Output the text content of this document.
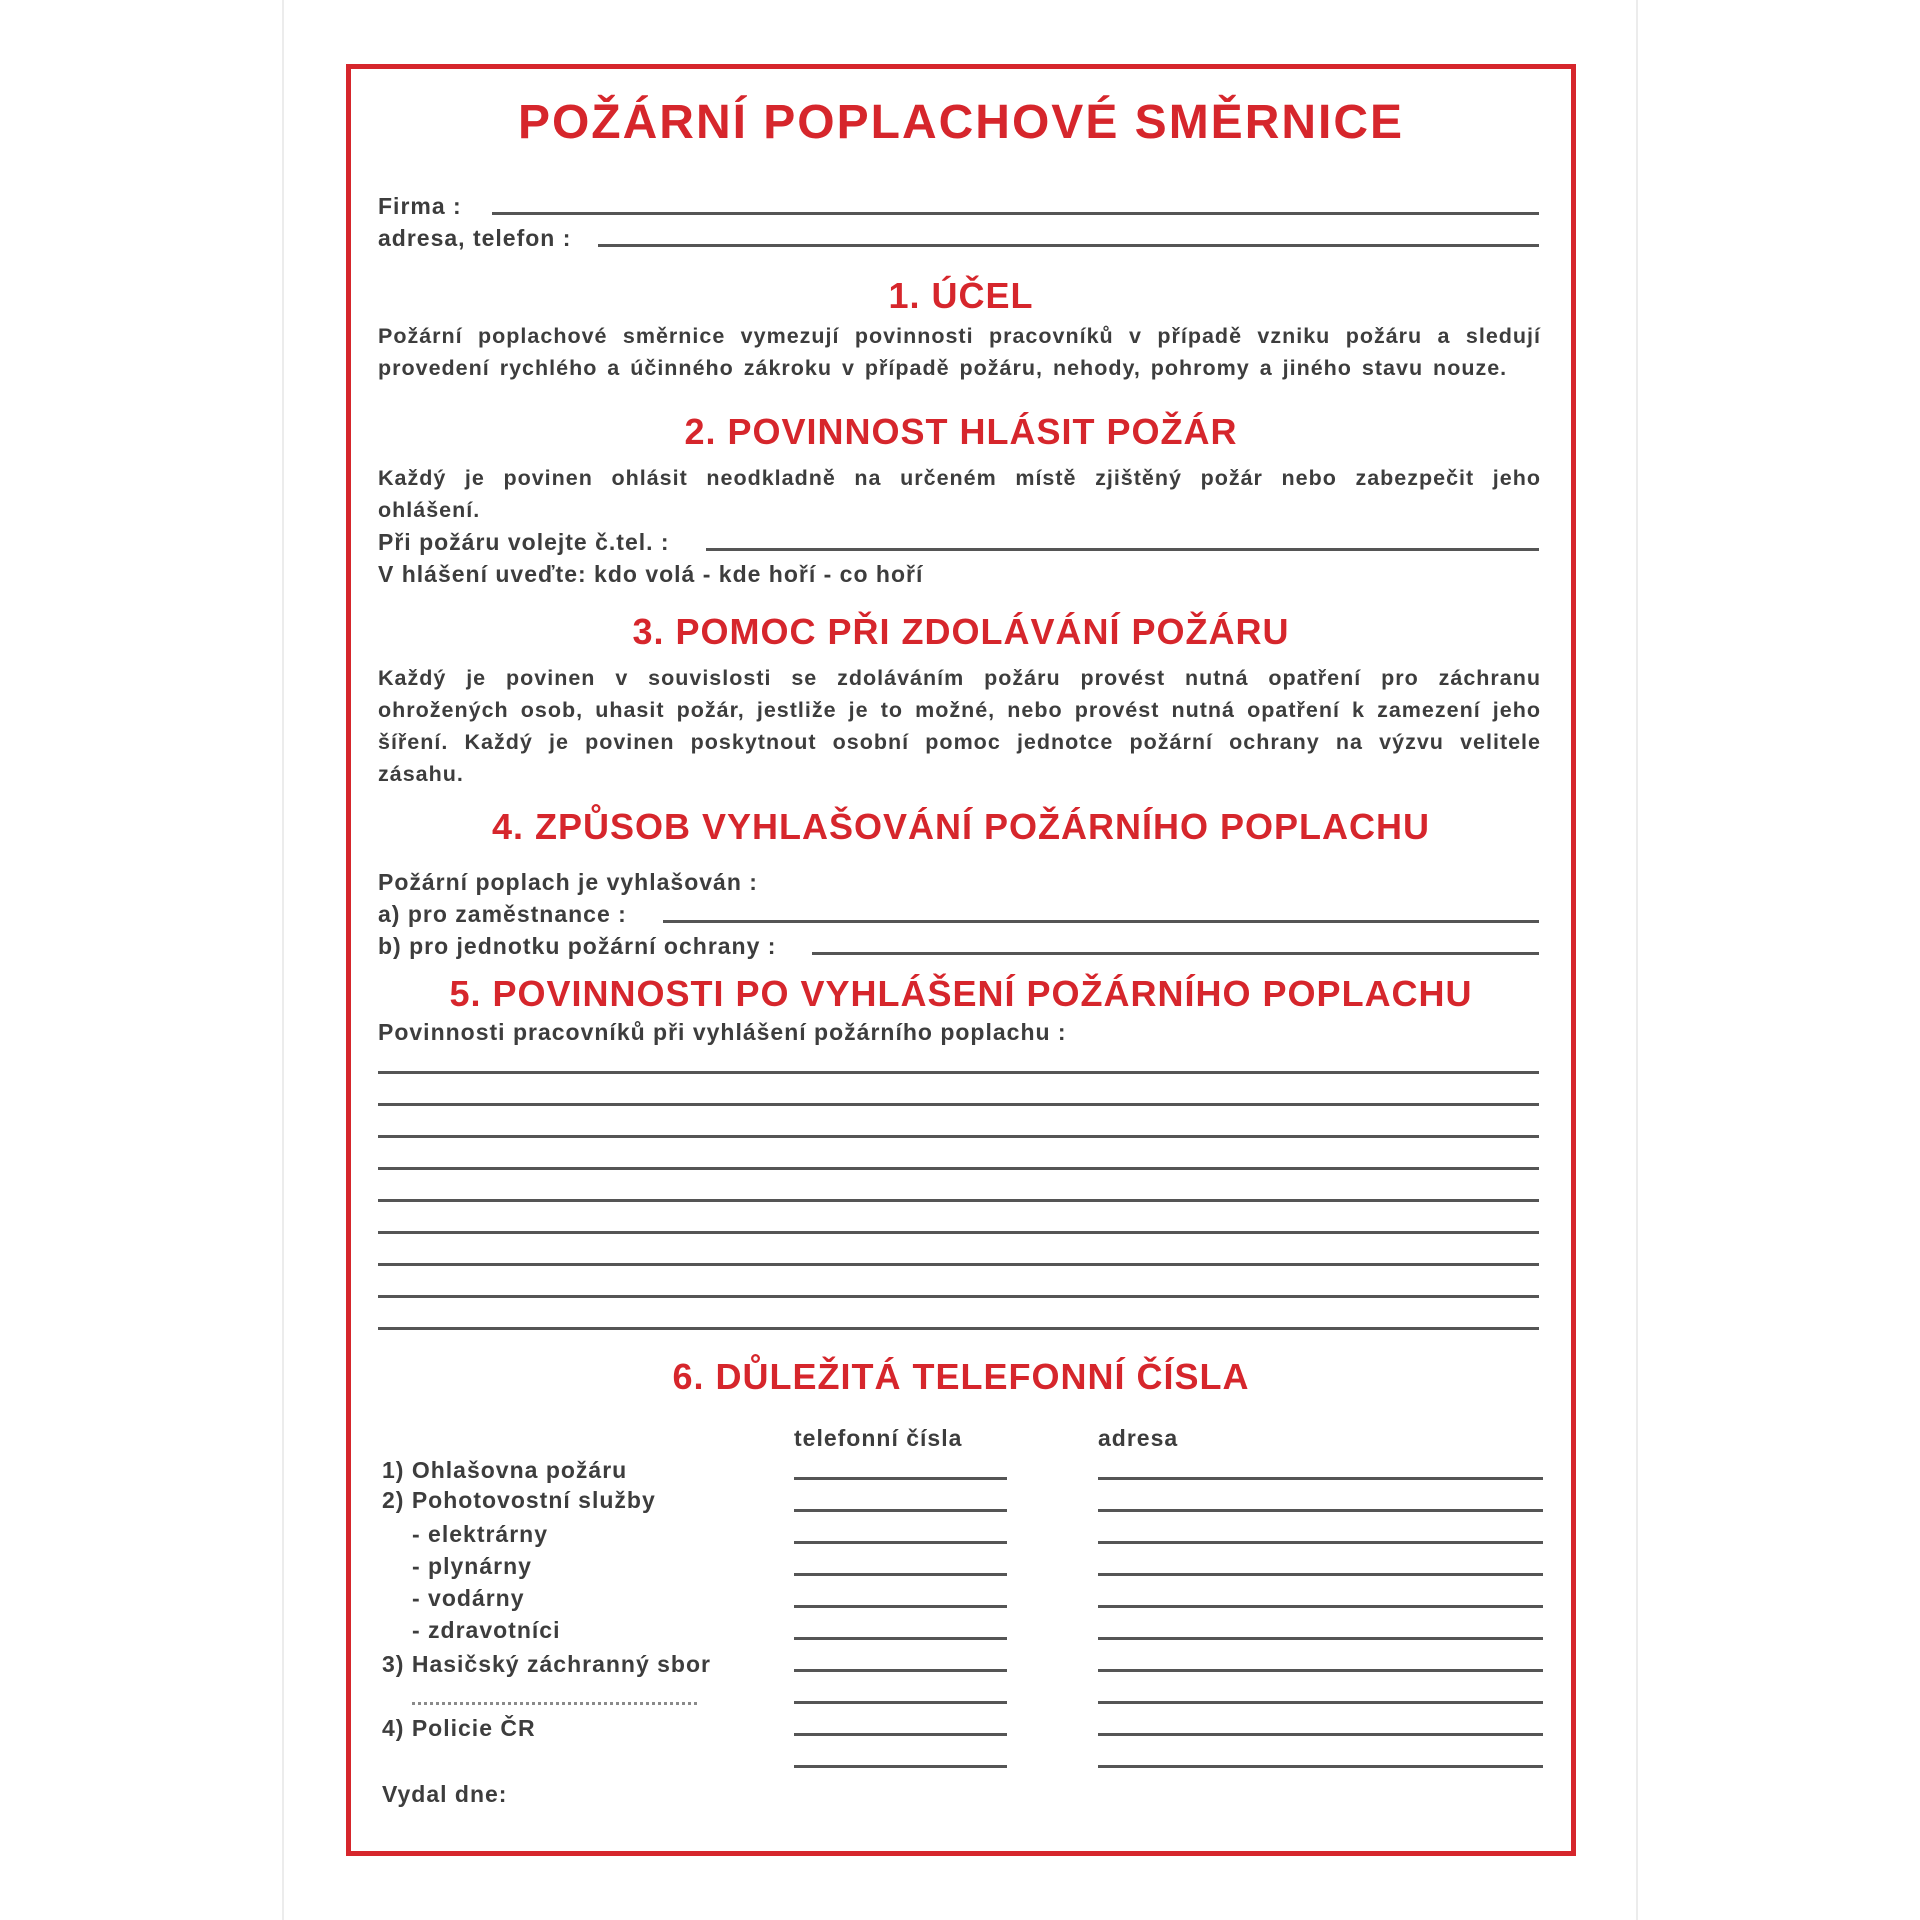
POŽÁRNÍ POPLACHOVÉ SMĚRNICE
Firma :
adresa, telefon :
1. ÚČEL
Požární poplachové směrnice vymezují povinnosti pracovníků v případě vzniku požáru a sledují provedení rychlého a účinného zákroku v případě požáru, nehody, pohromy a jiného stavu nouze.
2. POVINNOST HLÁSIT POŽÁR
Každý je povinen ohlásit neodkladně na určeném místě zjištěný požár nebo zabezpečit jeho ohlášení.
Při požáru volejte č.tel. :
V hlášení uveďte: kdo volá - kde hoří - co hoří
3. POMOC PŘI ZDOLÁVÁNÍ POŽÁRU
Každý je povinen v souvislosti se zdoláváním požáru provést nutná opatření pro záchranu ohrožených osob, uhasit požár, jestliže je to možné, nebo provést nutná opatření k zamezení jeho šíření. Každý je povinen poskytnout osobní pomoc jednotce požární ochrany na výzvu velitele zásahu.
4. ZPŮSOB VYHLAŠOVÁNÍ POŽÁRNÍHO POPLACHU
Požární poplach je vyhlašován :
a) pro zaměstnance :
b) pro jednotku požární ochrany :
5. POVINNOSTI PO VYHLÁŠENÍ POŽÁRNÍHO POPLACHU
Povinnosti pracovníků při vyhlášení požárního poplachu :
6. DŮLEŽITÁ TELEFONNÍ ČÍSLA
telefonní čísla	adresa
1) Ohlašovna požáru
2) Pohotovostní služby
- elektrárny
- plynárny
- vodárny
- zdravotníci
3) Hasičský záchranný sbor
4) Policie ČR
Vydal dne:
